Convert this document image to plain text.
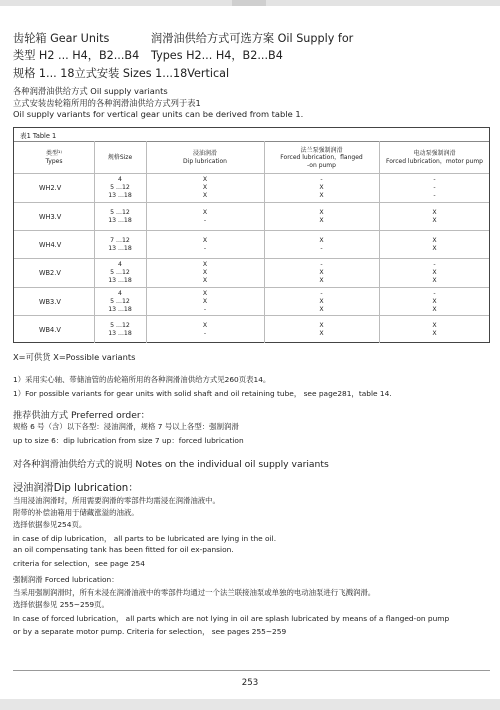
齿轮箱 Gear Units	润滑油供给方式可选方案 Oil Supply for
类型 H2 ... H4，B2...B4 Types H2... H4，B2...B4
规格 1... 18立式安装 Sizes 1...18Vertical
各种润滑油供给方式 Oil supply variants
立式安装齿轮箱所用的各种润滑油供给方式列于表1
Oil supply variants for vertical gear units can be derived from table 1.
表1 Table 1
类型¹⁾
Types
规格Size
浸油润滑
Dip lubrication
法兰泵强制润滑
Forced lubrication，flanged
-on pump
电动泵强制润滑
Forced lubrication，motor pump
WH2.V
4
5 ...12
13 ...18
X
X
X
-
X
X
-
-
-
WH3.V
5 ...12
13 ...18
X
-
X
X
X
X
WH4.V
7 ...12
13 ...18
X
-
X
-
X
X
WB2.V
4
5 ...12
13 ...18
X
X
X
-
X
X
-
X
X
WB3.V
4
5 ...12
13 ...18
X
X
-
-
X
X
-
X
X
WB4.V
5 ...12
13 ...18
X
-
X
X
X
X
X=可供货 X=Possible variants
1）采用实心轴、带储油管的齿轮箱所用的各种润滑油供给方式见260页表14。
1）For possible variants for gear units with solid shaft and oil retaining tube， see page281，table 14.
推荐供油方式 Preferred order：
规格 6 号（含）以下各型：浸油润滑，规格 7 号以上各型：强制润滑
up to size 6：dip lubrication from size 7 up：forced lubrication
对各种润滑油供给方式的说明 Notes on the individual oil supply variants
浸油润滑Dip lubrication：
当用浸油润滑时，所用需要润滑的零部件均需浸在润滑油液中。
附带的补偿油箱用于储藏涨溢的油液。
选择依据参见254页。
in case of dip lubrication， all parts to be lubricated are lying in the oil.
an oil compensating tank has been fitted for oil ex-pansion.
criteria for selection，see page 254
强制润滑 Forced lubrication：
当采用强制润滑时，所有未浸在润滑油液中的零部件均通过一个法兰联接油泵或单独的电动油泵进行飞溅润滑。
选择依据参见 255~259页。
In case of forced lubrication， all parts which are not lying in oil are splash lubricated by means of a flanged-on pump
or by a separate motor pump. Criteria for selection， see pages 255~259
253
